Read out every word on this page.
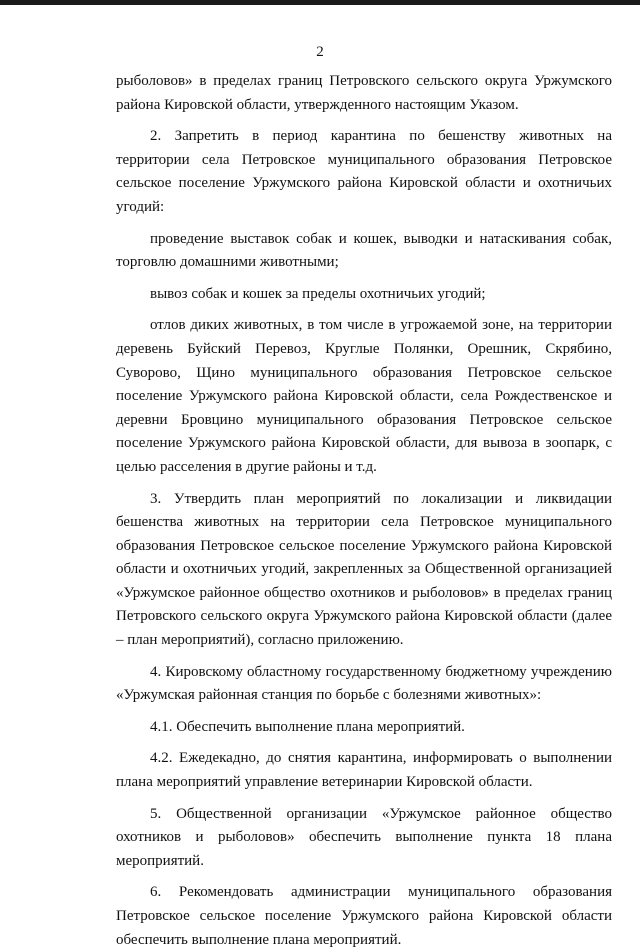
2

рыболовов» в пределах границ Петровского сельского округа Уржумского района Кировской области, утвержденного настоящим Указом.

2. Запретить в период карантина по бешенству животных на территории села Петровское муниципального образования Петровское сельское поселение Уржумского района Кировской области и охотничьих угодий:

проведение выставок собак и кошек, выводки и натаскивания собак, торговлю домашними животными;

вывоз собак и кошек за пределы охотничьих угодий;

отлов диких животных, в том числе в угрожаемой зоне, на территории деревень Буйский Перевоз, Круглые Полянки, Орешник, Скрябино, Суворово, Щино муниципального образования Петровское сельское поселение Уржумского района Кировской области, села Рождественское и деревни Бровцино муниципального образования Петровское сельское поселение Уржумского района Кировской области, для вывоза в зоопарк, с целью расселения в другие районы и т.д.

3. Утвердить план мероприятий по локализации и ликвидации бешенства животных на территории села Петровское муниципального образования Петровское сельское поселение Уржумского района Кировской области и охотничьих угодий, закрепленных за Общественной организацией «Уржумское районное общество охотников и рыболовов» в пределах границ Петровского сельского округа Уржумского района Кировской области (далее – план мероприятий), согласно приложению.

4. Кировскому областному государственному бюджетному учреждению «Уржумская районная станция по борьбе с болезнями животных»:

4.1. Обеспечить выполнение плана мероприятий.

4.2. Ежедекадно, до снятия карантина, информировать о выполнении плана мероприятий управление ветеринарии Кировской области.

5. Общественной организации «Уржумское районное общество охотников и рыболовов» обеспечить выполнение пункта 18 плана мероприятий.

6. Рекомендовать администрации муниципального образования Петровское сельское поселение Уржумского района Кировской области обеспечить выполнение плана мероприятий.
